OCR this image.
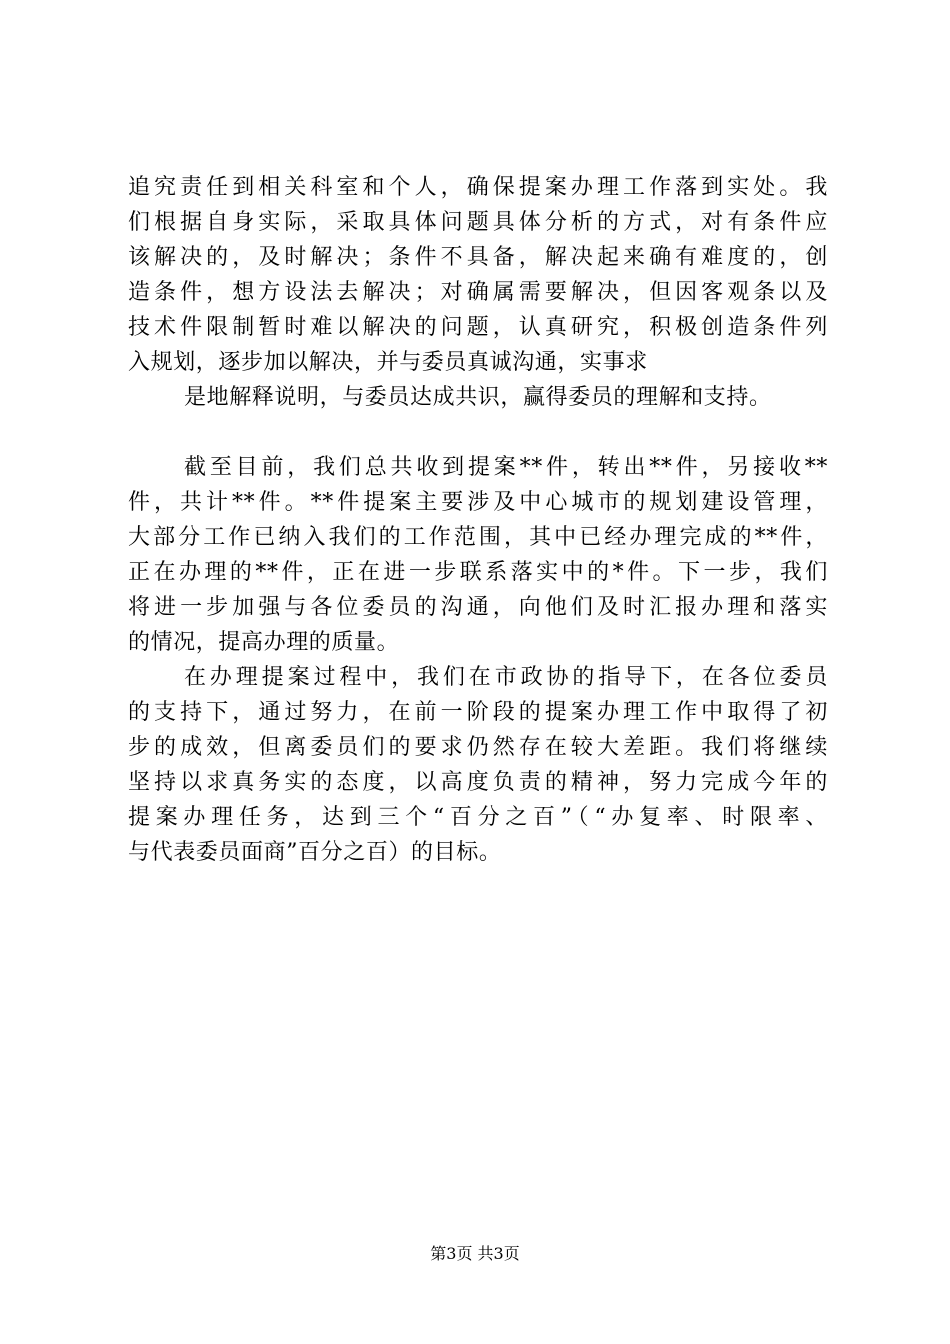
追究责任到相关科室和个人，确保提案办理工作落到实处。我
们根据自身实际，采取具体问题具体分析的方式，对有条件应
该解决的，及时解决；条件不具备，解决起来确有难度的，创
造条件，想方设法去解决；对确属需要解决，但因客观条以及
技术件限制暂时难以解决的问题，认真研究，积极创造条件列
入规划，逐步加以解决，并与委员真诚沟通，实事求
是地解释说明，与委员达成共识，赢得委员的理解和支持。
截至目前，我们总共收到提案**件，转出**件，另接收**
件，共计**件。**件提案主要涉及中心城市的规划建设管理，
大部分工作已纳入我们的工作范围，其中已经办理完成的**件，
正在办理的**件，正在进一步联系落实中的*件。下一步，我们
将进一步加强与各位委员的沟通，向他们及时汇报办理和落实
的情况，提高办理的质量。
在办理提案过程中，我们在市政协的指导下，在各位委员
的支持下，通过努力，在前一阶段的提案办理工作中取得了初
步的成效，但离委员们的要求仍然存在较大差距。我们将继续
坚持以求真务实的态度，以高度负责的精神，努力完成今年的
提案办理任务，达到三个“百分之百”（“办复率、时限率、
与代表委员面商”百分之百）的目标。
第3页 共3页
